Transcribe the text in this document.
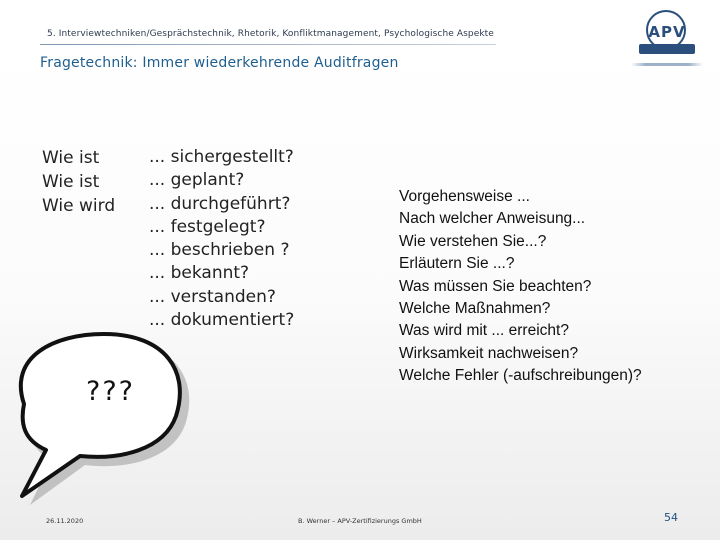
5. Interviewtechniken/Gesprächstechnik, Rhetorik, Konfliktmanagement, Psychologische Aspekte
Fragetechnik: Immer wiederkehrende Auditfragen
APV
Wie ist
Wie ist
Wie wird
... sichergestellt?
... geplant?
... durchgeführt?
... festgelegt?
... beschrieben ?
... bekannt?
... verstanden?
... dokumentiert?
Vorgehensweise ...
Nach welcher Anweisung...
Wie verstehen Sie...?
Erläutern Sie ...?
Was müssen Sie beachten?
Welche Maßnahmen?
Was wird mit ... erreicht?
Wirksamkeit nachweisen?
Welche Fehler (-aufschreibungen)?
???
26.11.2020	B. Werner – APV-Zertifizierungs GmbH	54
